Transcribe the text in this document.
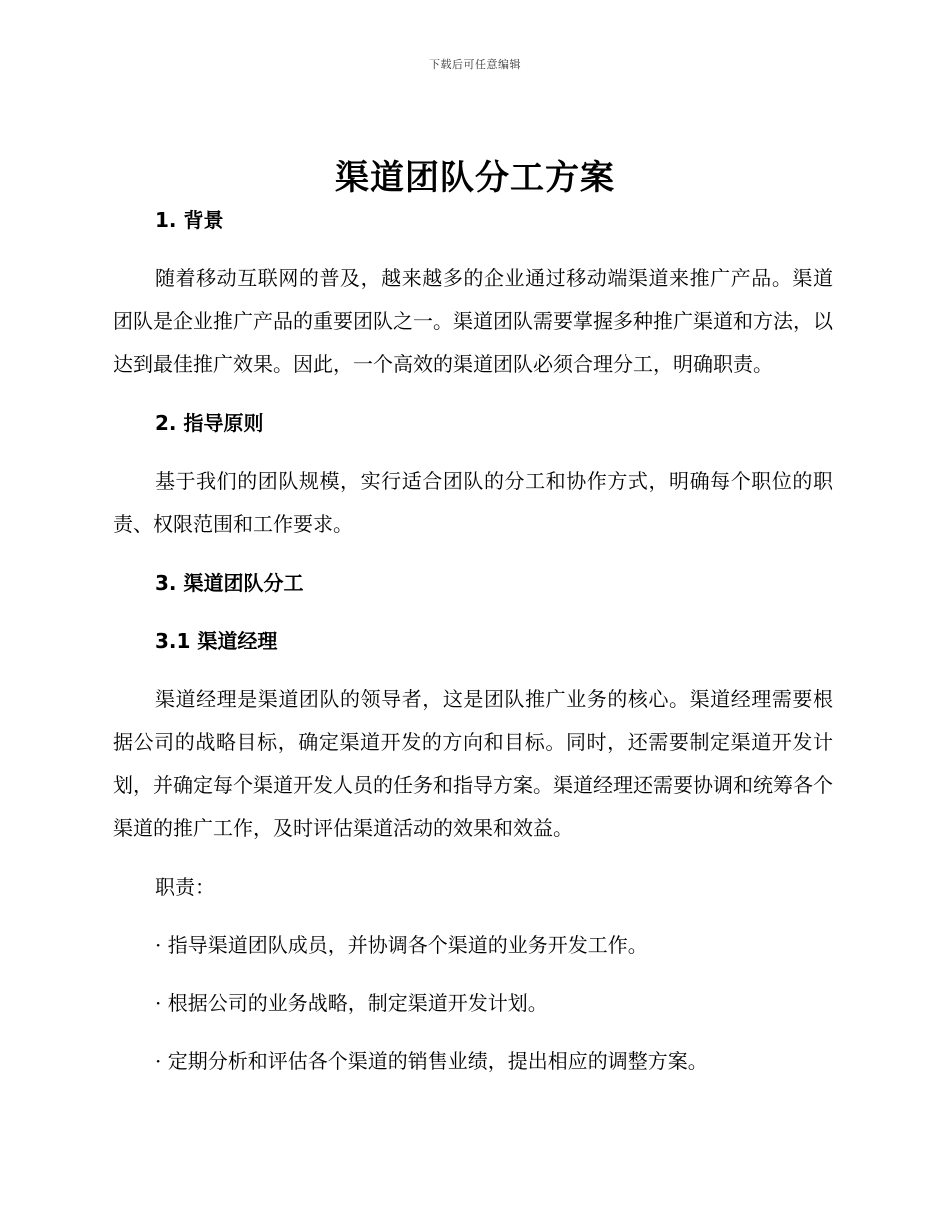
下载后可任意编辑
渠道团队分工方案
1. 背景

随着移动互联网的普及，越来越多的企业通过移动端渠道来推广产品。渠道团队是企业推广产品的重要团队之一。渠道团队需要掌握多种推广渠道和方法，以达到最佳推广效果。因此，一个高效的渠道团队必须合理分工，明确职责。

2. 指导原则

基于我们的团队规模，实行适合团队的分工和协作方式，明确每个职位的职责、权限范围和工作要求。

3. 渠道团队分工
3.1 渠道经理

渠道经理是渠道团队的领导者，这是团队推广业务的核心。渠道经理需要根据公司的战略目标，确定渠道开发的方向和目标。同时，还需要制定渠道开发计划，并确定每个渠道开发人员的任务和指导方案。渠道经理还需要协调和统筹各个渠道的推广工作，及时评估渠道活动的效果和效益。

职责：
· 指导渠道团队成员，并协调各个渠道的业务开发工作。
· 根据公司的业务战略，制定渠道开发计划。
· 定期分析和评估各个渠道的销售业绩，提出相应的调整方案。
